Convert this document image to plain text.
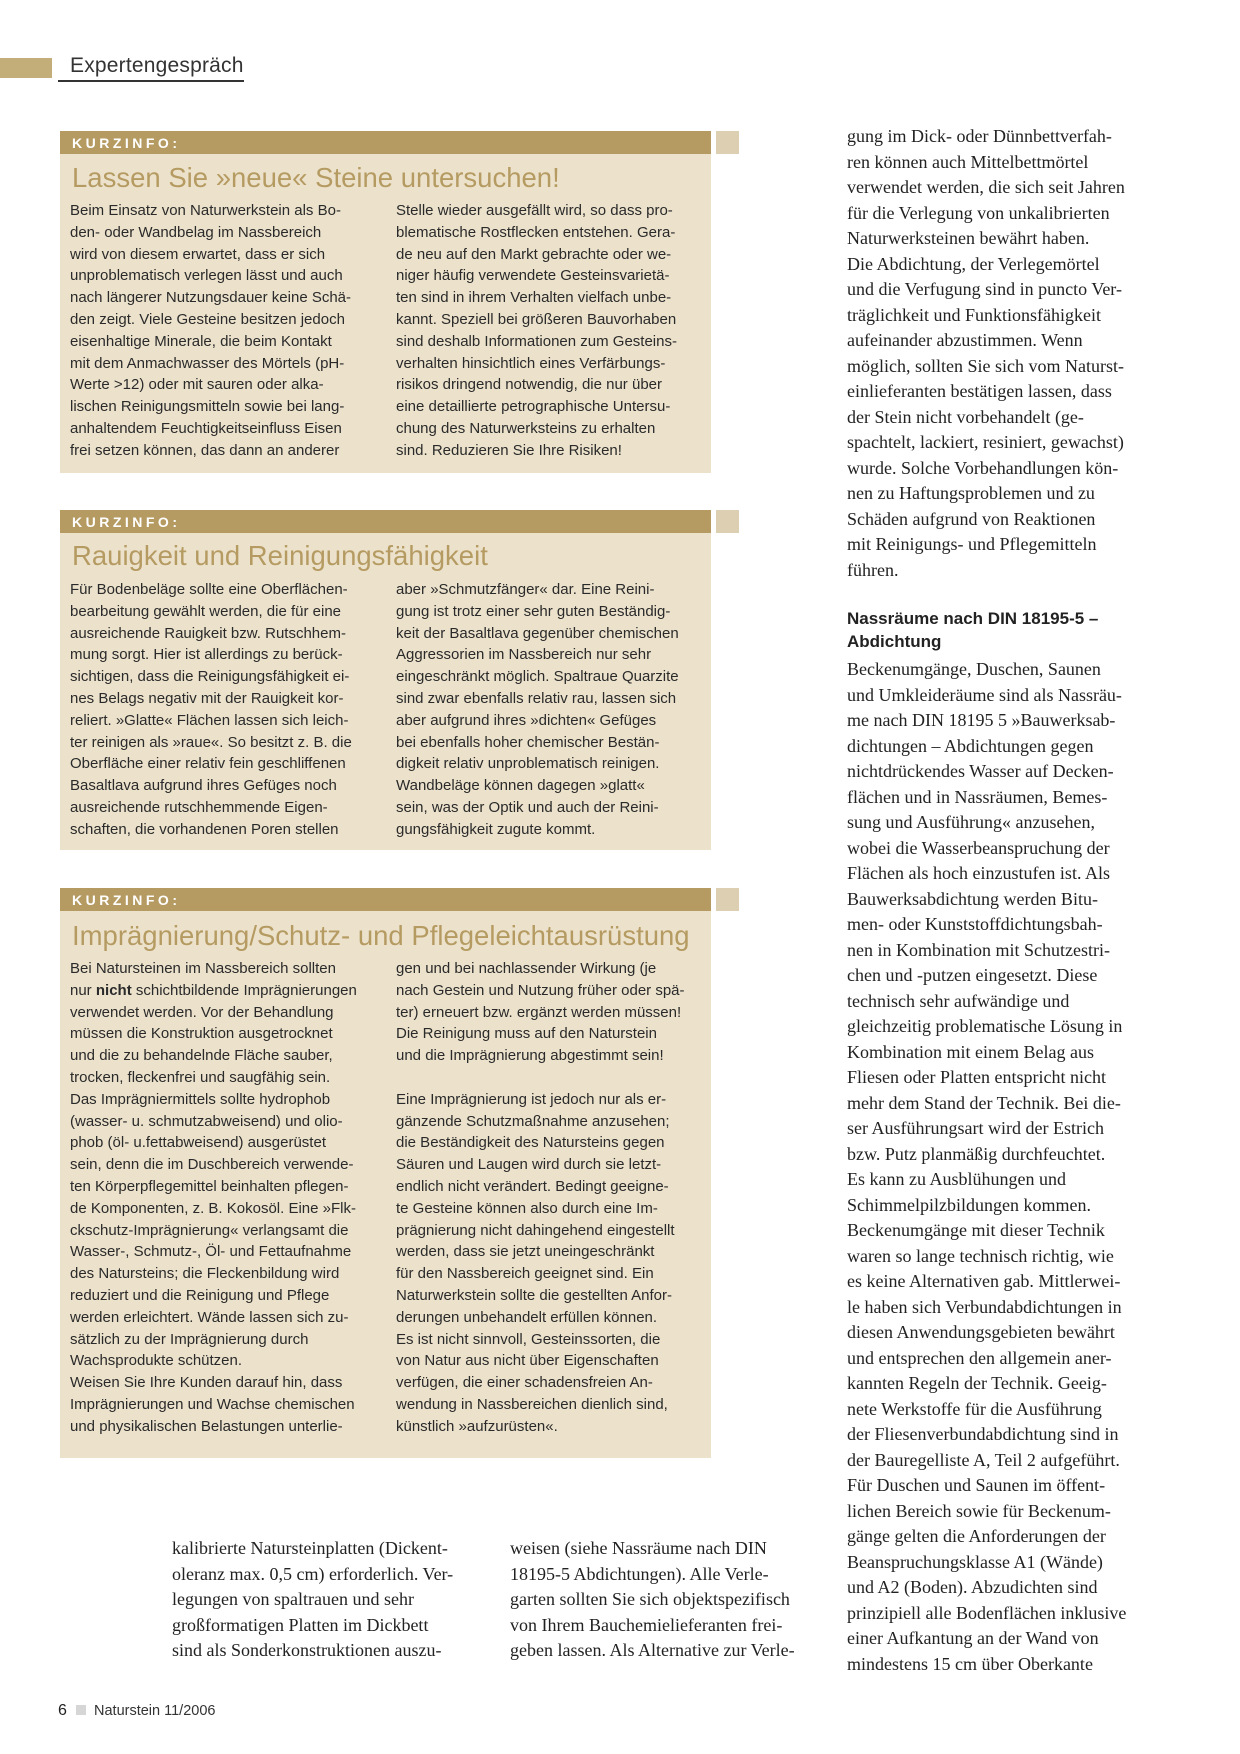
Expertengespräch
KURZINFO:
Lassen Sie »neue« Steine untersuchen!
Beim Einsatz von Naturwerkstein als Bo-
den- oder Wandbelag im Nassbereich
wird von diesem erwartet, dass er sich
unproblematisch verlegen lässt und auch
nach längerer Nutzungsdauer keine Schä-
den zeigt. Viele Gesteine besitzen jedoch
eisenhaltige Minerale, die beim Kontakt
mit dem Anmachwasser des Mörtels (pH-
Werte >12) oder mit sauren oder alka-
lischen Reinigungsmitteln sowie bei lang-
anhaltendem Feuchtigkeitseinfluss Eisen
frei setzen können, das dann an anderer
Stelle wieder ausgefällt wird, so dass pro-
blematische Rostflecken entstehen. Gera-
de neu auf den Markt gebrachte oder we-
niger häufig verwendete Gesteinsvarietä-
ten sind in ihrem Verhalten vielfach unbe-
kannt. Speziell bei größeren Bauvorhaben
sind deshalb Informationen zum Gesteins-
verhalten hinsichtlich eines Verfärbungs-
risikos dringend notwendig, die nur über
eine detaillierte petrographische Untersu-
chung des Naturwerksteins zu erhalten
sind. Reduzieren Sie Ihre Risiken!
KURZINFO:
Rauigkeit und Reinigungsfähigkeit
Für Bodenbeläge sollte eine Oberflächen-
bearbeitung gewählt werden, die für eine
ausreichende Rauigkeit bzw. Rutschhem-
mung sorgt. Hier ist allerdings zu berück-
sichtigen, dass die Reinigungsfähigkeit ei-
nes Belags negativ mit der Rauigkeit kor-
reliert. »Glatte« Flächen lassen sich leich-
ter reinigen als »raue«. So besitzt z. B. die
Oberfläche einer relativ fein geschliffenen
Basaltlava aufgrund ihres Gefüges noch
ausreichende rutschhemmende Eigen-
schaften, die vorhandenen Poren stellen
aber »Schmutzfänger« dar. Eine Reini-
gung ist trotz einer sehr guten Beständig-
keit der Basaltlava gegenüber chemischen
Aggressorien im Nassbereich nur sehr
eingeschränkt möglich. Spaltraue Quarzite
sind zwar ebenfalls relativ rau, lassen sich
aber aufgrund ihres »dichten« Gefüges
bei ebenfalls hoher chemischer Bestän-
digkeit relativ unproblematisch reinigen.
Wandbeläge können dagegen »glatt«
sein, was der Optik und auch der Reini-
gungsfähigkeit zugute kommt.
KURZINFO:
Imprägnierung/Schutz- und Pflegeleichtausrüstung
Bei Natursteinen im Nassbereich sollten
nur nicht schichtbildende Imprägnierungen
verwendet werden. Vor der Behandlung
müssen die Konstruktion ausgetrocknet
und die zu behandelnde Fläche sauber,
trocken, fleckenfrei und saugfähig sein.
Das Imprägniermittels sollte hydrophob
(wasser- u. schmutzabweisend) und olio-
phob (öl- u.fettabweisend) ausgerüstet
sein, denn die im Duschbereich verwende-
ten Körperpflegemittel beinhalten pflegen-
de Komponenten, z. B. Kokosöl. Eine »Flk-
ckschutz-Imprägnierung« verlangsamt die
Wasser-, Schmutz-, Öl- und Fettaufnahme
des Natursteins; die Fleckenbildung wird
reduziert und die Reinigung und Pflege
werden erleichtert. Wände lassen sich zu-
sätzlich zu der Imprägnierung durch
Wachsprodukte schützen.
Weisen Sie Ihre Kunden darauf hin, dass
Imprägnierungen und Wachse chemischen
und physikalischen Belastungen unterlie-
gen und bei nachlassender Wirkung (je
nach Gestein und Nutzung früher oder spä-
ter) erneuert bzw. ergänzt werden müssen!
Die Reinigung muss auf den Naturstein
und die Imprägnierung abgestimmt sein!

Eine Imprägnierung ist jedoch nur als er-
gänzende Schutzmaßnahme anzusehen;
die Beständigkeit des Natursteins gegen
Säuren und Laugen wird durch sie letzt-
endlich nicht verändert. Bedingt geeigne-
te Gesteine können also durch eine Im-
prägnierung nicht dahingehend eingestellt
werden, dass sie jetzt uneingeschränkt
für den Nassbereich geeignet sind. Ein
Naturwerkstein sollte die gestellten Anfor-
derungen unbehandelt erfüllen können.
Es ist nicht sinnvoll, Gesteinssorten, die
von Natur aus nicht über Eigenschaften
verfügen, die einer schadensfreien An-
wendung in Nassbereichen dienlich sind,
künstlich »aufzurüsten«.
gung im Dick- oder Dünnbettverfah-
ren können auch Mittelbettmörtel
verwendet werden, die sich seit Jahren
für die Verlegung von unkalibrierten
Naturwerksteinen bewährt haben.
Die Abdichtung, der Verlegemörtel
und die Verfugung sind in puncto Ver-
träglichkeit und Funktionsfähigkeit
aufeinander abzustimmen. Wenn
möglich, sollten Sie sich vom Naturst-
einlieferanten bestätigen lassen, dass
der Stein nicht vorbehandelt (ge-
spachtelt, lackiert, resiniert, gewachst)
wurde. Solche Vorbehandlungen kön-
nen zu Haftungsproblemen und zu
Schäden aufgrund von Reaktionen
mit Reinigungs- und Pflegemitteln
führen.
Nassräume nach DIN 18195-5 –
Abdichtung
Beckenumgänge, Duschen, Saunen
und Umkleideräume sind als Nassräu-
me nach DIN 18195 5 »Bauwerksab-
dichtungen – Abdichtungen gegen
nichtdrückendes Wasser auf Decken-
flächen und in Nassräumen, Bemes-
sung und Ausführung« anzusehen,
wobei die Wasserbeanspruchung der
Flächen als hoch einzustufen ist. Als
Bauwerksabdichtung werden Bitu-
men- oder Kunststoffdichtungsbah-
nen in Kombination mit Schutzestri-
chen und -putzen eingesetzt. Diese
technisch sehr aufwändige und
gleichzeitig problematische Lösung in
Kombination mit einem Belag aus
Fliesen oder Platten entspricht nicht
mehr dem Stand der Technik. Bei die-
ser Ausführungsart wird der Estrich
bzw. Putz planmäßig durchfeuchtet.
Es kann zu Ausblühungen und
Schimmelpilzbildungen kommen.
Beckenumgänge mit dieser Technik
waren so lange technisch richtig, wie
es keine Alternativen gab. Mittlerwei-
le haben sich Verbundabdichtungen in
diesen Anwendungsgebieten bewährt
und entsprechen den allgemein aner-
kannten Regeln der Technik. Geeig-
nete Werkstoffe für die Ausführung
der Fliesenverbundabdichtung sind in
der Bauregelliste A, Teil 2 aufgeführt.
Für Duschen und Saunen im öffent-
lichen Bereich sowie für Beckenum-
gänge gelten die Anforderungen der
Beanspruchungsklasse A1 (Wände)
und A2 (Boden). Abzudichten sind
prinzipiell alle Bodenflächen inklusive
einer Aufkantung an der Wand von
mindestens 15 cm über Oberkante
kalibrierte Natursteinplatten (Dickent-
oleranz max. 0,5 cm) erforderlich. Ver-
legungen von spaltrauen und sehr
großformatigen Platten im Dickbett
sind als Sonderkonstruktionen auszu-
weisen (siehe Nassräume nach DIN
18195-5 Abdichtungen). Alle Verle-
garten sollten Sie sich objektspezifisch
von Ihrem Bauchemielieferanten frei-
geben lassen. Als Alternative zur Verle-
6 Naturstein 11/2006
